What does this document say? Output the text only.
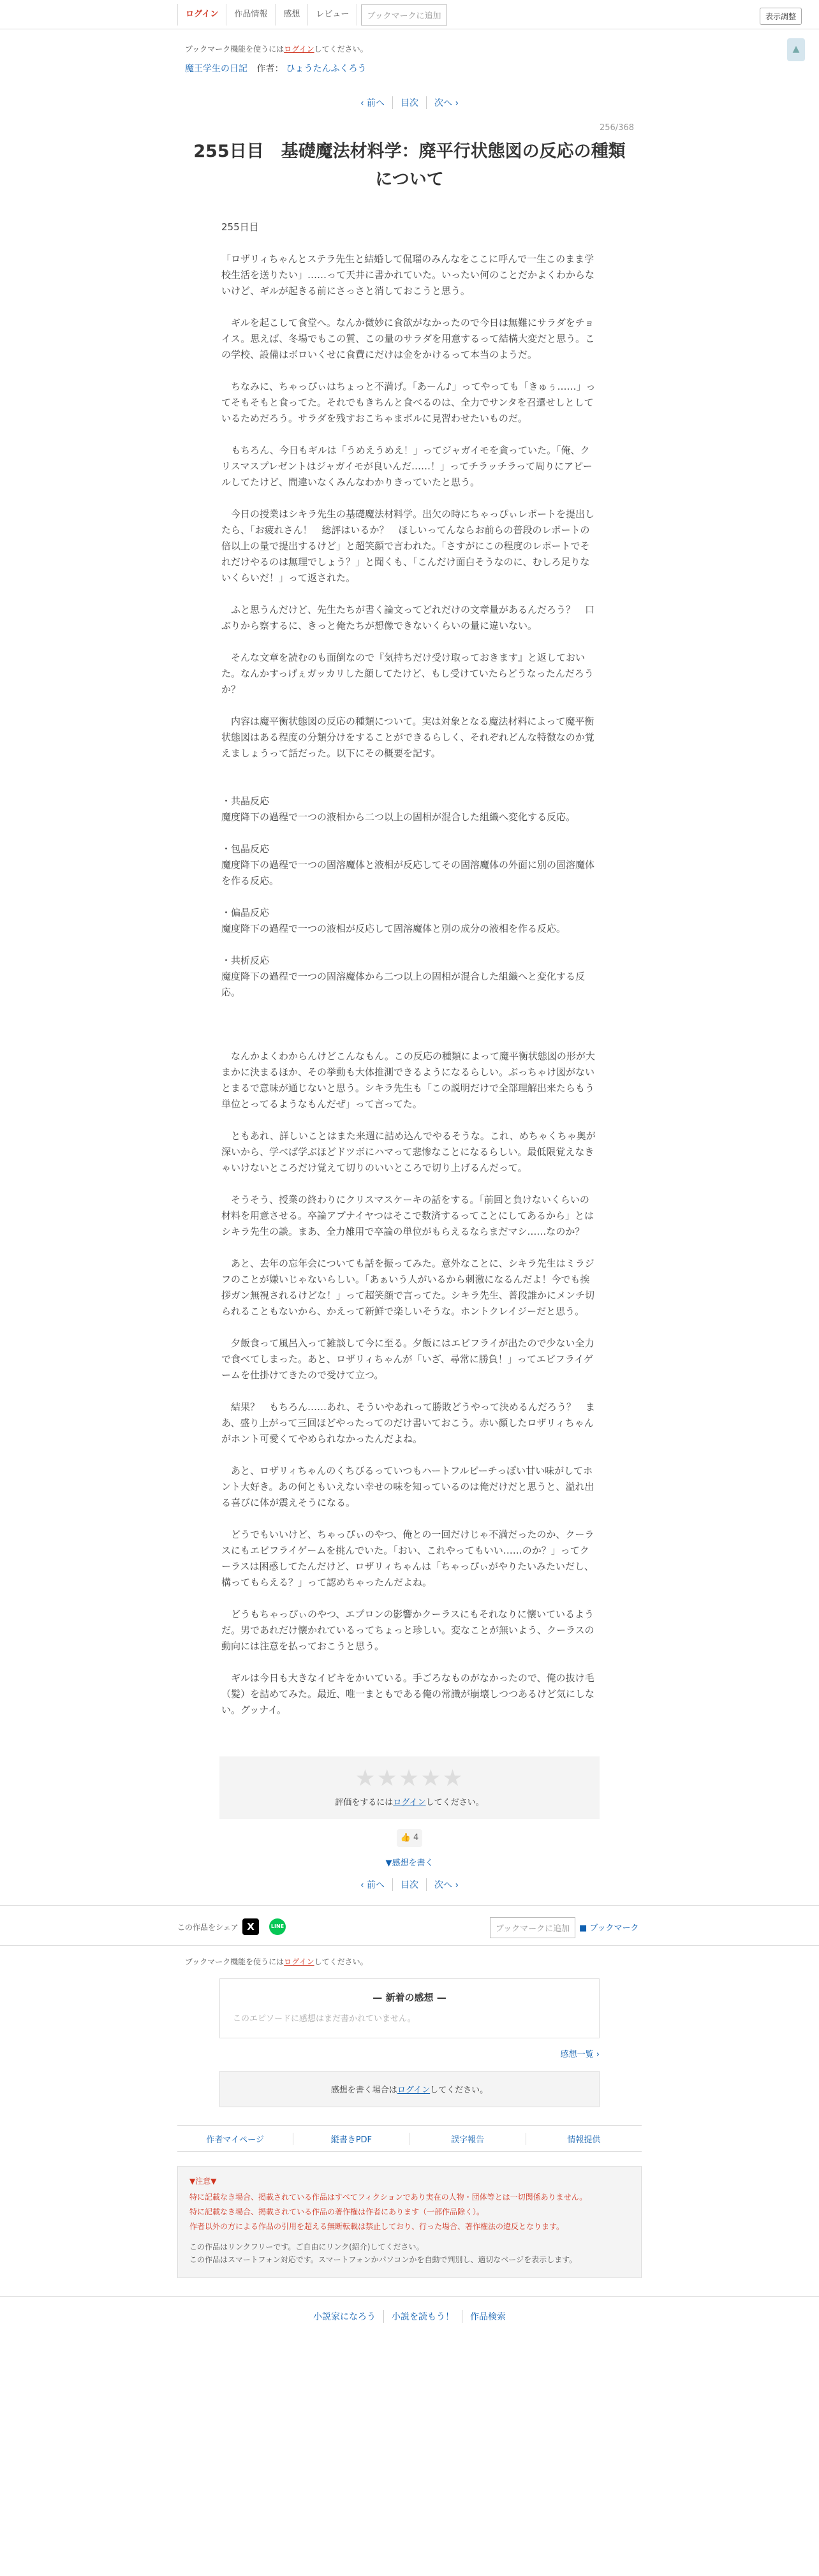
ログイン	作品情報	感想	レビュー	ブックマークに追加	表示調整
▲

ブックマーク機能を使うにはログインしてください。

魔王学生の日記 作者： ひょうたんふくろう

‹ 前へ	目次	次へ ›

256/368

255日目　基礎魔法材料学：廃平行状態図の反応の種類について

255日目

「ロザリィちゃんとステラ先生と結婚して侃瑠のみんなをここに呼んで一生このまま学校生活を送りたい」……って天井に書かれていた。いったい何のことだかよくわからないけど、ギルが起きる前にさっさと消しておこうと思う。

　ギルを起こして食堂へ。なんか微妙に食欲がなかったので今日は無難にサラダをチョイス。思えば、冬場でもこの質、この量のサラダを用意するって結構大変だと思う。この学校、設備はボロいくせに食費にだけは金をかけるって本当のようだ。

　ちなみに、ちゃっぴぃはちょっと不満げ。「あーん♪」ってやっても「きゅぅ……」ってそもそもと食ってた。それでもきちんと食べるのは、全力でサンタを召還せしとしているためだろう。サラダを残すおこちゃまボルに見習わせたいものだ。

　もちろん、今日もギルは「うめえうめえ！」ってジャガイモを貪っていた。「俺、クリスマスプレゼントはジャガイモが良いんだ……！」ってチラッチラって周りにアピールしてたけど、間違いなくみんなわかりきっていたと思う。

　今日の授業はシキラ先生の基礎魔法材料学。出欠の時にちゃっぴぃレポートを提出したら、「お疲れさん！　総評はいるか？　ほしいってんならお前らの普段のレポートの倍以上の量で提出するけど」と超笑顔で言われた。「さすがにこの程度のレポートでそれだけやるのは無理でしょう？」と聞くも、「こんだけ面白そうなのに、むしろ足りないくらいだ！」って返された。

　ふと思うんだけど、先生たちが書く論文ってどれだけの文章量があるんだろう？　口ぶりから察するに、きっと俺たちが想像できないくらいの量に違いない。

　そんな文章を読むのも面倒なので『気持ちだけ受け取っておきます』と返しておいた。なんかすっげぇガッカリした顔してたけど、もし受けていたらどうなったんだろうか？

　内容は魔平衡状態図の反応の種類について。実は対象となる魔法材料によって魔平衡状態図はある程度の分類分けをすることができるらしく、それぞれどんな特徴なのか覚えましょうって話だった。以下にその概要を記す。

・共晶反応

魔度降下の過程で一つの液相から二つ以上の固相が混合した組織へ変化する反応。

・包晶反応

魔度降下の過程で一つの固溶魔体と液相が反応してその固溶魔体の外面に別の固溶魔体を作る反応。

・偏晶反応

魔度降下の過程で一つの液相が反応して固溶魔体と別の成分の液相を作る反応。

・共析反応

魔度降下の過程で一つの固溶魔体から二つ以上の固相が混合した組織へと変化する反応。

　なんかよくわからんけどこんなもん。この反応の種類によって魔平衡状態図の形が大まかに決まるほか、その挙動も大体推測できるようになるらしい。ぶっちゃけ図がないとまるで意味が通じないと思う。シキラ先生も「この説明だけで全部理解出来たらもう単位とってるようなもんだぜ」って言ってた。

　ともあれ、詳しいことはまた来週に詰め込んでやるそうな。これ、めちゃくちゃ奥が深いから、学べば学ぶほどドツボにハマって悲惨なことになるらしい。最低限覚えなきゃいけないところだけ覚えて切りのいいところで切り上げるんだって。

　そうそう、授業の終わりにクリスマスケーキの話をする。「前回と負けないくらいの材料を用意させる。卒論アブナイヤつはそこで数済するってことにしてあるから」とはシキラ先生の談。まあ、全力雑用で卒論の単位がもらえるならまだマシ……なのか？

　あと、去年の忘年会についても話を振ってみた。意外なことに、シキラ先生はミラジフのことが嫌いじゃないらしい。「あぁいう人がいるから刺激になるんだよ！今でも挨拶ガン無視されるけどな！」って超笑顔で言ってた。シキラ先生、普段誰かにメンチ切られることもないから、かえって新鮮で楽しいそうな。ホントクレイジーだと思う。

　夕飯食って風呂入って雑談して今に至る。夕飯にはエビフライが出たので少ない全力で食べてしまった。あと、ロザリィちゃんが「いざ、尋常に勝負！」ってエビフライゲームを仕掛けてきたので受けて立つ。

　結果？　もちろん……あれ、そういやあれって勝敗どうやって決めるんだろう？　まあ、盛り上がって三回ほどやったってのだけ書いておこう。赤い顔したロザリィちゃんがホント可愛くてやめられなかったんだよね。

　あと、ロザリィちゃんのくちびるっていつもハートフルピーチっぽい甘い味がしてホント大好き。あの何ともいえない幸せの味を知っているのは俺だけだと思うと、溢れ出る喜びに体が震えそうになる。

　どうでもいいけど、ちゃっぴぃのやつ、俺との一回だけじゃ不満だったのか、クーラスにもエビフライゲームを挑んでいた。「おい、これやってもいい……のか？」ってクーラスは困惑してたんだけど、ロザリィちゃんは「ちゃっぴぃがやりたいみたいだし、構ってもらえる？」って認めちゃったんだよね。

　どうもちゃっぴぃのやつ、エプロンの影響かクーラスにもそれなりに懐いているようだ。男であれだけ懐かれているってちょっと珍しい。変なことが無いよう、クーラスの動向には注意を払っておこうと思う。

　ギルは今日も大きなイビキをかいている。手ごろなものがなかったので、俺の抜け毛（髪）を詰めてみた。最近、唯一まともである俺の常識が崩壊しつつあるけど気にしない。グッナイ。

★★★★★

評価をするにはログインしてください。

👍 4

▼感想を書く

‹ 前へ	目次	次へ ›
この作品をシェア X	LINE	ブックマークに追加	■ ブックマーク

ブックマーク機能を使うにはログインしてください。

— 新着の感想 —

このエピソードに感想はまだ書かれていません。

感想一覧 ›

感想を書く場合はログインしてください。
作者マイページ	縦書きPDF	誤字報告	情報提供

▼注意▼

特に記載なき場合、掲載されている作品はすべてフィクションであり実在の人物・団体等とは一切関係ありません。

特に記載なき場合、掲載されている作品の著作権は作者にあります（一部作品除く）。

作者以外の方による作品の引用を超える無断転載は禁止しており、行った場合、著作権法の違反となります。

この作品はリンクフリーです。ご自由にリンク(紹介)してください。

この作品はスマートフォン対応です。スマートフォンかパソコンかを自動で判別し、適切なページを表示します。

小説家になろう	小説を読もう！	作品検索
